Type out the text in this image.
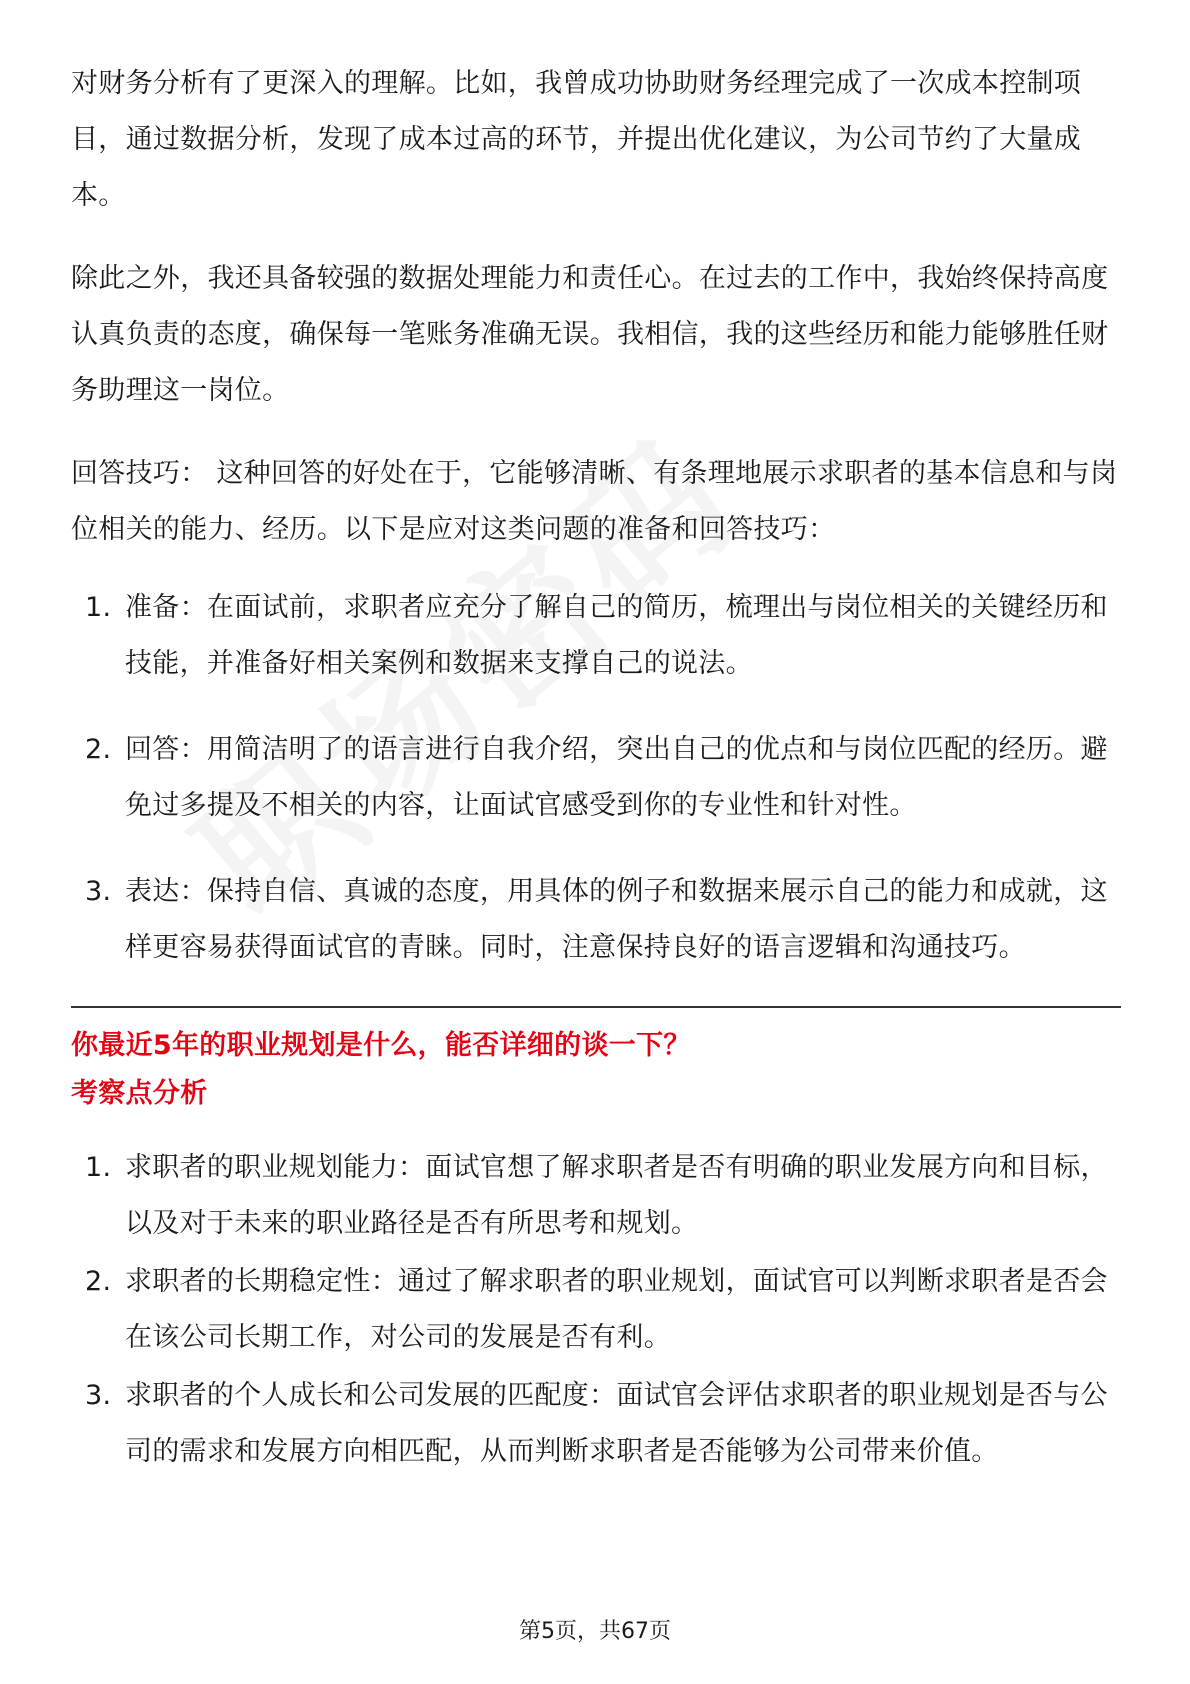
对财务分析有了更深入的理解。比如，我曾成功协助财务经理完成了一次成本控制项目，通过数据分析，发现了成本过高的环节，并提出优化建议，为公司节约了大量成本。

除此之外，我还具备较强的数据处理能力和责任心。在过去的工作中，我始终保持高度认真负责的态度，确保每一笔账务准确无误。我相信，我的这些经历和能力能够胜任财务助理这一岗位。

回答技巧： 这种回答的好处在于，它能够清晰、有条理地展示求职者的基本信息和与岗位相关的能力、经历。以下是应对这类问题的准备和回答技巧：

1. 准备：在面试前，求职者应充分了解自己的简历，梳理出与岗位相关的关键经历和技能，并准备好相关案例和数据来支撑自己的说法。
2. 回答：用简洁明了的语言进行自我介绍，突出自己的优点和与岗位匹配的经历。避免过多提及不相关的内容，让面试官感受到你的专业性和针对性。
3. 表达：保持自信、真诚的态度，用具体的例子和数据来展示自己的能力和成就，这样更容易获得面试官的青睐。同时，注意保持良好的语言逻辑和沟通技巧。
你最近5年的职业规划是什么，能否详细的谈一下？
考察点分析
1. 求职者的职业规划能力：面试官想了解求职者是否有明确的职业发展方向和目标，以及对于未来的职业路径是否有所思考和规划。
2. 求职者的长期稳定性：通过了解求职者的职业规划，面试官可以判断求职者是否会在该公司长期工作，对公司的发展是否有利。
3. 求职者的个人成长和公司发展的匹配度：面试官会评估求职者的职业规划是否与公司的需求和发展方向相匹配，从而判断求职者是否能够为公司带来价值。
第5页，共67页
